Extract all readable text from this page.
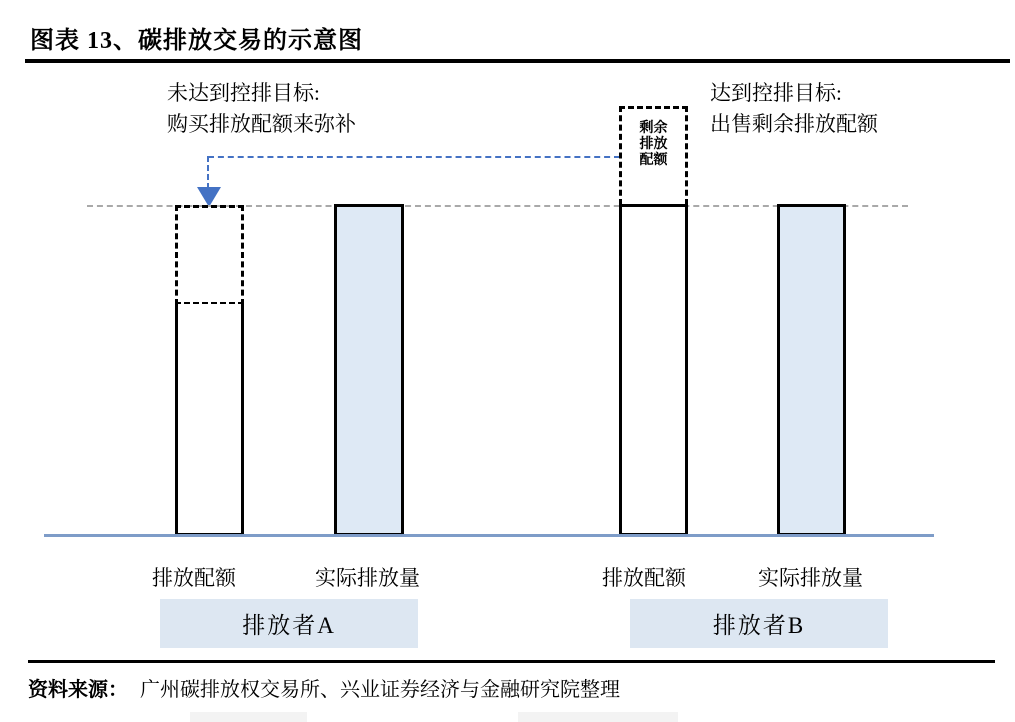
图表 13、碳排放交易的示意图
未达到控排目标:
购买排放配额来弥补
达到控排目标:
出售剩余排放配额
剩余
排放
配额
排放配额	实际排放量	排放配额	实际排放量
排放者A	排放者B
资料来源： 广州碳排放权交易所、兴业证券经济与金融研究院整理
